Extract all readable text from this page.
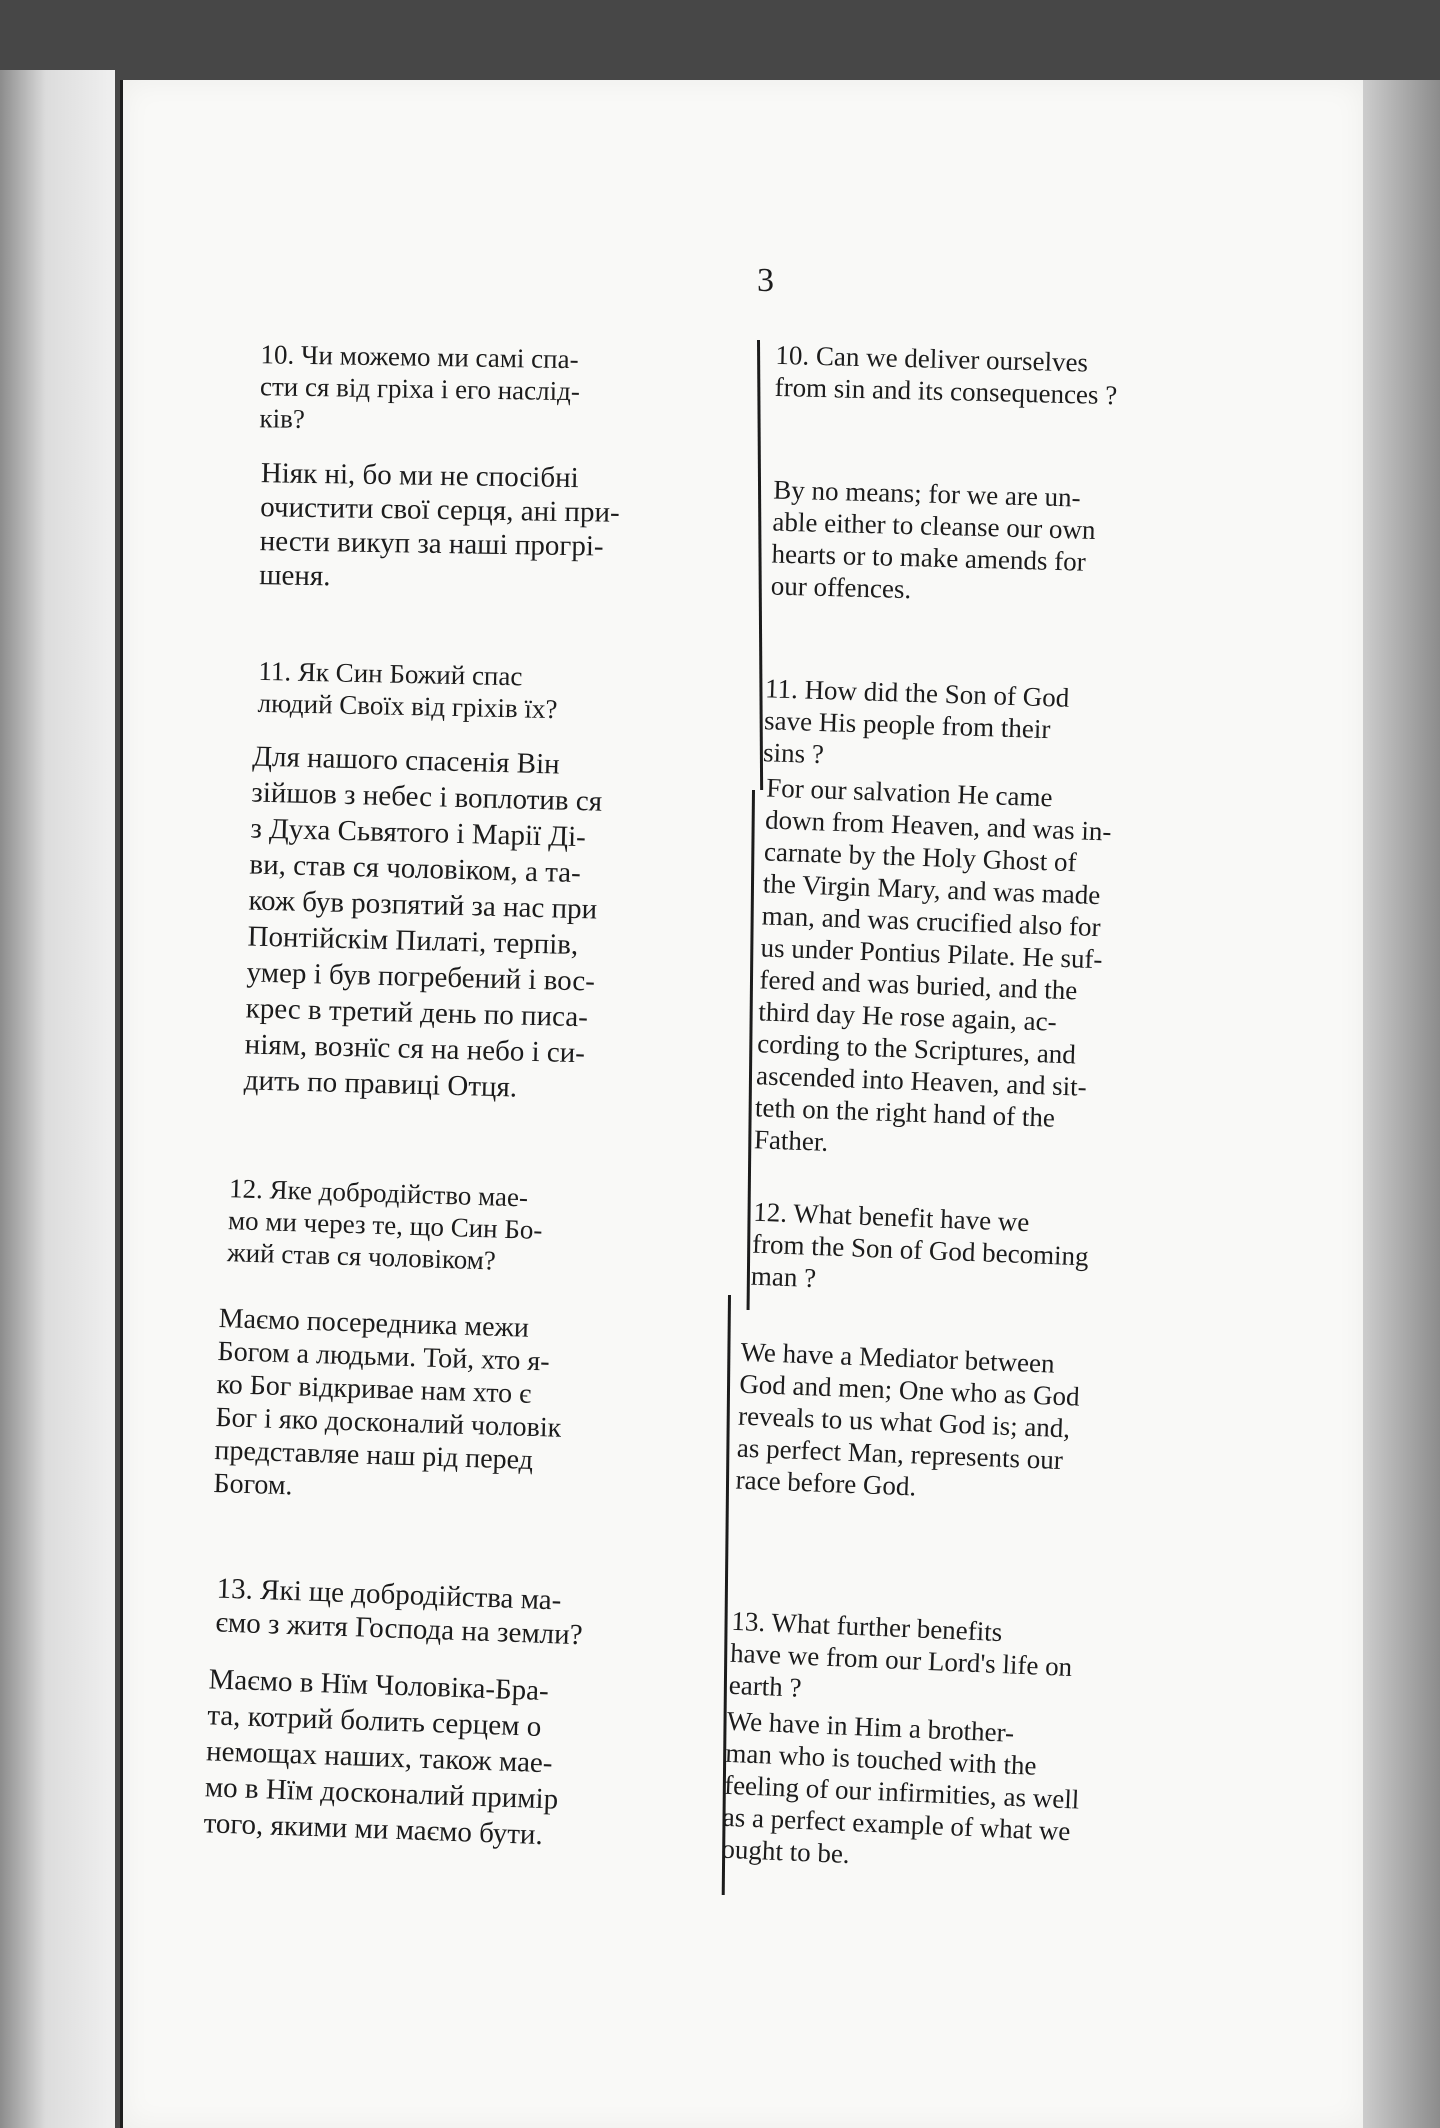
3
10. Чи можемо ми самі спа-
сти ся від гріха і его наслід-
ків?
Ніяк ні, бо ми не спосібні
очистити свої серця, ані при-
нести викуп за наші прогрі-
шеня.
11. Як Син Божий спас
людий Своїх від гріхів їх?
Для нашого спасенія Він
зійшов з небес і воплотив ся
з Духа Сьвятого і Марії Ді-
ви, став ся чоловіком, а та-
кож був розпятий за нас при
Понтійскім Пилаті, терпів,
умер і був погребений і вос-
крес в третий день по писа-
ніям, вознїс ся на небо і си-
дить по правиці Отця.
12. Яке добродійство мае-
мо ми через те, що Син Бо-
жий став ся чоловіком?
Маємо посередника межи
Богом а людьми. Той, хто я-
ко Бог відкривае нам хто є
Бог і яко досконалий чоловік
представляе наш рід перед
Богом.
13. Які ще добродійства ма-
ємо з житя Господа на земли?
Маємо в Нїм Чоловіка-Бра-
та, котрий болить серцем о
немощах наших, також мае-
мо в Нїм досконалий примір
того, якими ми маємо бути.
10. Can we deliver ourselves
from sin and its consequences ?
By no means; for we are un-
able either to cleanse our own
hearts or to make amends for
our offences.
11. How did the Son of God
save His people from their
sins ?
For our salvation He came
down from Heaven, and was in-
carnate by the Holy Ghost of
the Virgin Mary, and was made
man, and was crucified also for
us under Pontius Pilate. He suf-
fered and was buried, and the
third day He rose again, ac-
cording to the Scriptures, and
ascended into Heaven, and sit-
teth on the right hand of the
Father.
12. What benefit have we
from the Son of God becoming
man ?
We have a Mediator between
God and men; One who as God
reveals to us what God is; and,
as perfect Man, represents our
race before God.
13. What further benefits
have we from our Lord's life on
earth ?
We have in Him a brother-
man who is touched with the
feeling of our infirmities, as well
as a perfect example of what we
ought to be.
